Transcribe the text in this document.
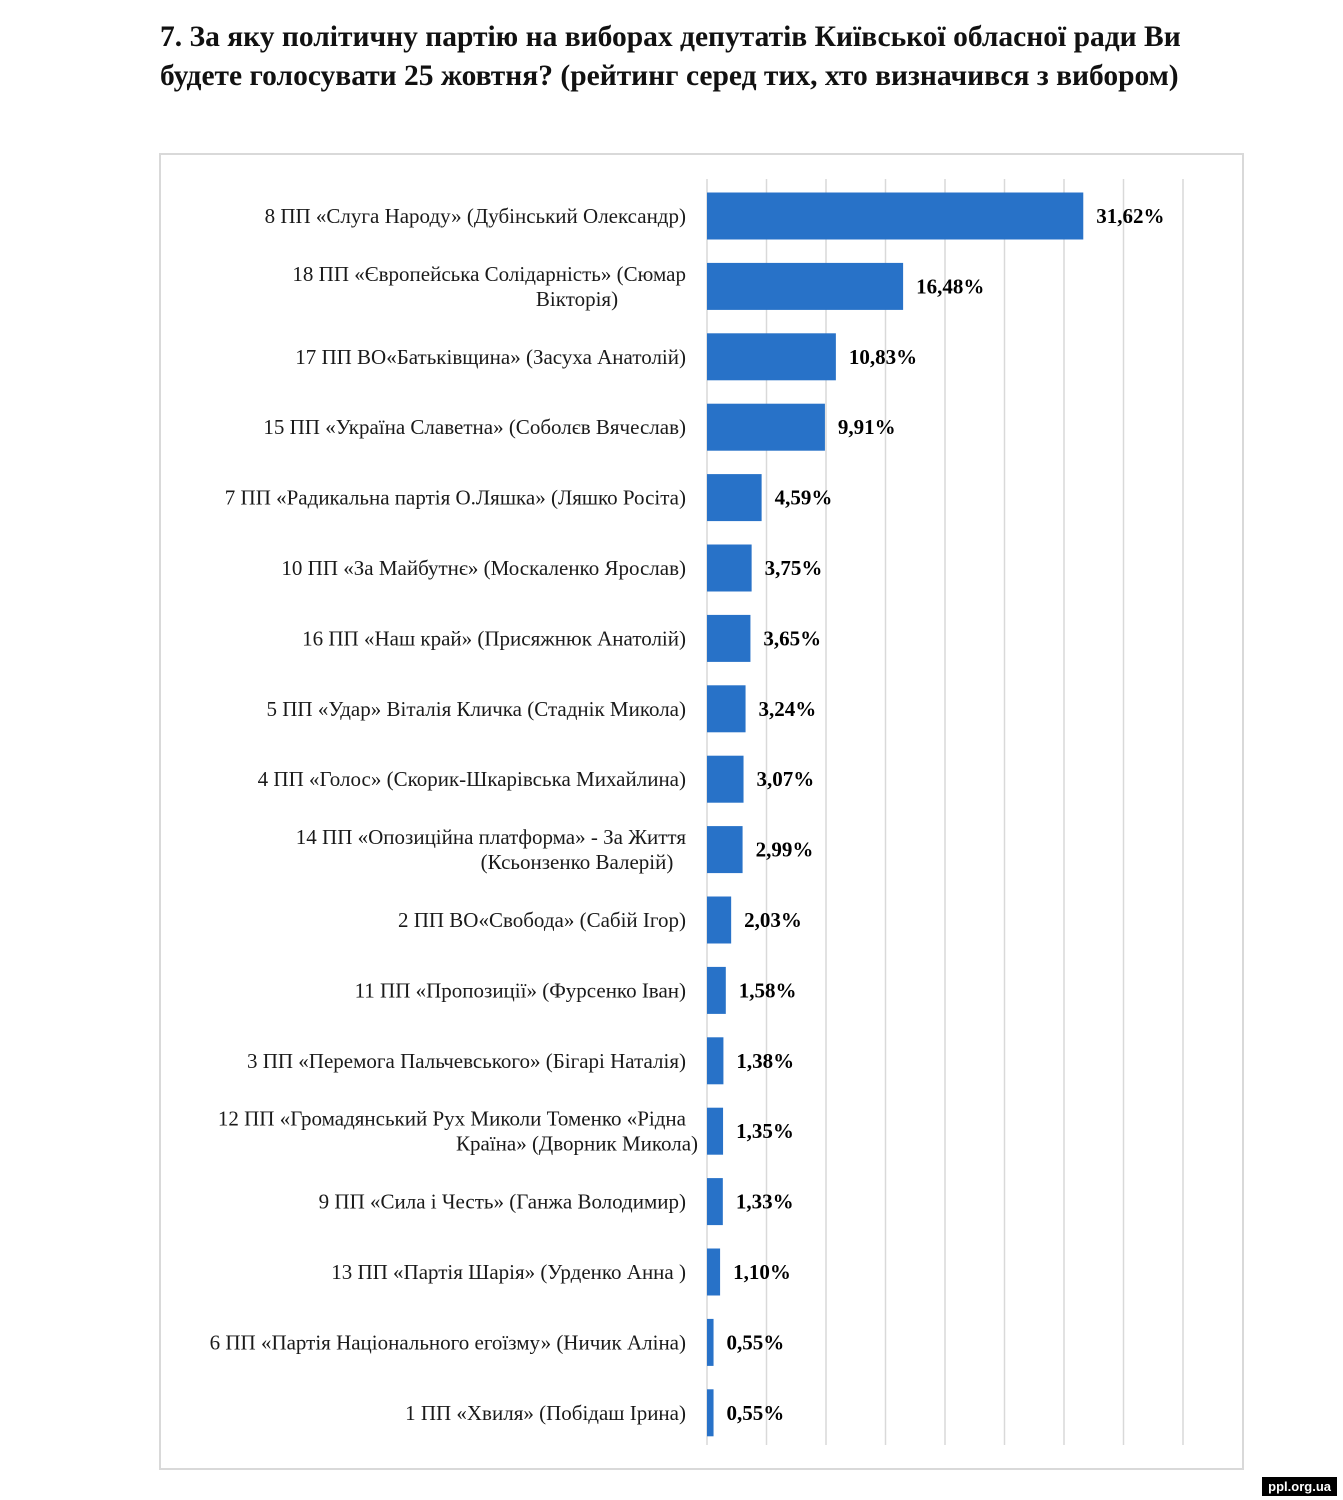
7. За яку політичну партію на виборах депутатів Київської обласної ради Ви будете голосувати 25 жовтня? (рейтинг серед тих, хто визначився з вибором)
31,62%
8 ПП «Слуга Народу» (Дубінський Олександр)
16,48%
18 ПП «Європейська Солідарність» (Сюмар
Вікторія)
10,83%
17 ПП ВО«Батьківщина» (Засуха Анатолій)
9,91%
15 ПП «Україна Славетна» (Соболєв Вячеслав)
4,59%
7 ПП «Радикальна партія О.Ляшка» (Ляшко Росіта)
3,75%
10 ПП «За Майбутнє» (Москаленко Ярослав)
3,65%
16 ПП «Наш край» (Присяжнюк Анатолій)
3,24%
5 ПП «Удар» Віталія Кличка (Стаднік Микола)
3,07%
4 ПП «Голос» (Скорик-Шкарівська Михайлина)
2,99%
14 ПП «Опозиційна платформа» - За Життя
(Ксьонзенко Валерій)
2,03%
2 ПП ВО«Свобода» (Сабій Ігор)
1,58%
11 ПП «Пропозиції» (Фурсенко Іван)
1,38%
3 ПП «Перемога Пальчевського» (Бігарі Наталія)
1,35%
12 ПП «Громадянський Рух Миколи Томенко «Рідна
Країна» (Дворник Микола)
1,33%
9 ПП «Сила і Честь» (Ганжа Володимир)
1,10%
13 ПП «Партія Шарія» (Урденко Анна )
0,55%
6 ПП «Партія Національного егоїзму» (Ничик Аліна)
0,55%
1 ПП «Хвиля» (Побідаш Ірина)
ppl.org.ua
